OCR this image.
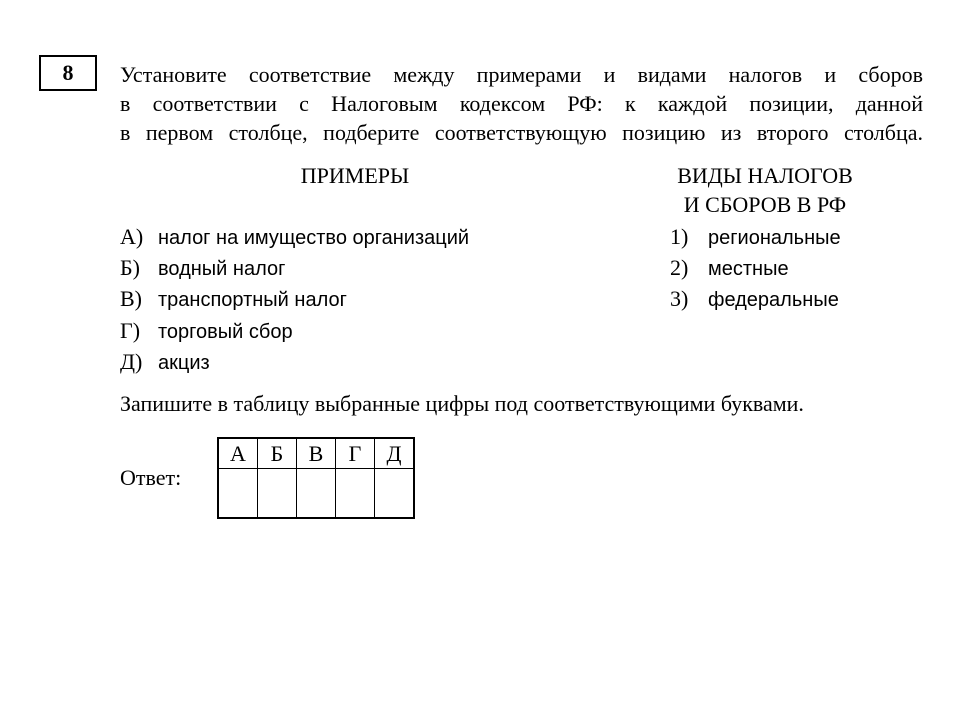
8 Установите соответствие между примерами и видами налогов и сборов
в соответствии с Налоговым кодексом РФ: к каждой позиции, данной
в первом столбце, подберите соответствующую позицию из второго столбца.

ПРИМЕРЫ	ВИДЫ НАЛОГОВ
И СБОРОВ В РФ
А) налог на имущество организаций
Б) водный налог
В) транспортный налог
Г) торговый сбор
Д) акциз
1) региональные
2) местные
3) федеральные
Запишите в таблицу выбранные цифры под соответствующими буквами.
Ответ:
А	Б	В	Г	Д
